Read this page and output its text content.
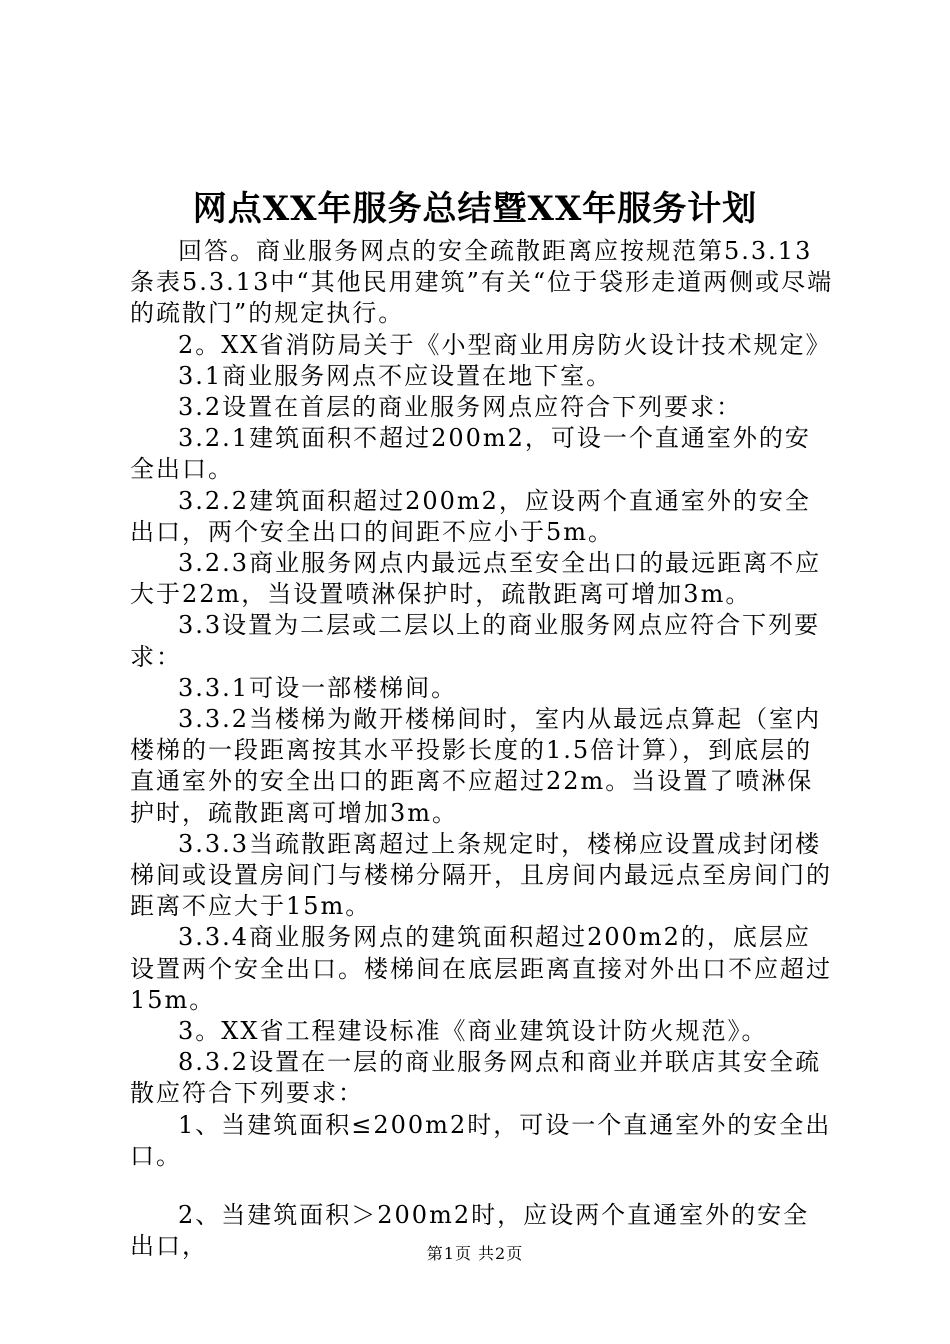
网点XX年服务总结暨XX年服务计划

回答。商业服务网点的安全疏散距离应按规范第5.3.13条表5.3.13中“其他民用建筑”有关“位于袋形走道两侧或尽端的疏散门”的规定执行。

2。XX省消防局关于《小型商业用房防火设计技术规定》

3.1商业服务网点不应设置在地下室。

3.2设置在首层的商业服务网点应符合下列要求：

3.2.1建筑面积不超过200m2，可设一个直通室外的安全出口。

3.2.2建筑面积超过200m2，应设两个直通室外的安全出口，两个安全出口的间距不应小于5m。

3.2.3商业服务网点内最远点至安全出口的最远距离不应大于22m，当设置喷淋保护时，疏散距离可增加3m。

3.3设置为二层或二层以上的商业服务网点应符合下列要求：

3.3.1可设一部楼梯间。

3.3.2当楼梯为敞开楼梯间时，室内从最远点算起（室内楼梯的一段距离按其水平投影长度的1.5倍计算），到底层的直通室外的安全出口的距离不应超过22m。当设置了喷淋保护时，疏散距离可增加3m。

3.3.3当疏散距离超过上条规定时，楼梯应设置成封闭楼梯间或设置房间门与楼梯分隔开，且房间内最远点至房间门的距离不应大于15m。

3.3.4商业服务网点的建筑面积超过200m2的，底层应设置两个安全出口。楼梯间在底层距离直接对外出口不应超过15m。

3。XX省工程建设标准《商业建筑设计防火规范》。

8.3.2设置在一层的商业服务网点和商业并联店其安全疏散应符合下列要求：

1、当建筑面积≤200m2时，可设一个直通室外的安全出口。

2、当建筑面积＞200m2时，应设两个直通室外的安全出口，	第1页 共2页
